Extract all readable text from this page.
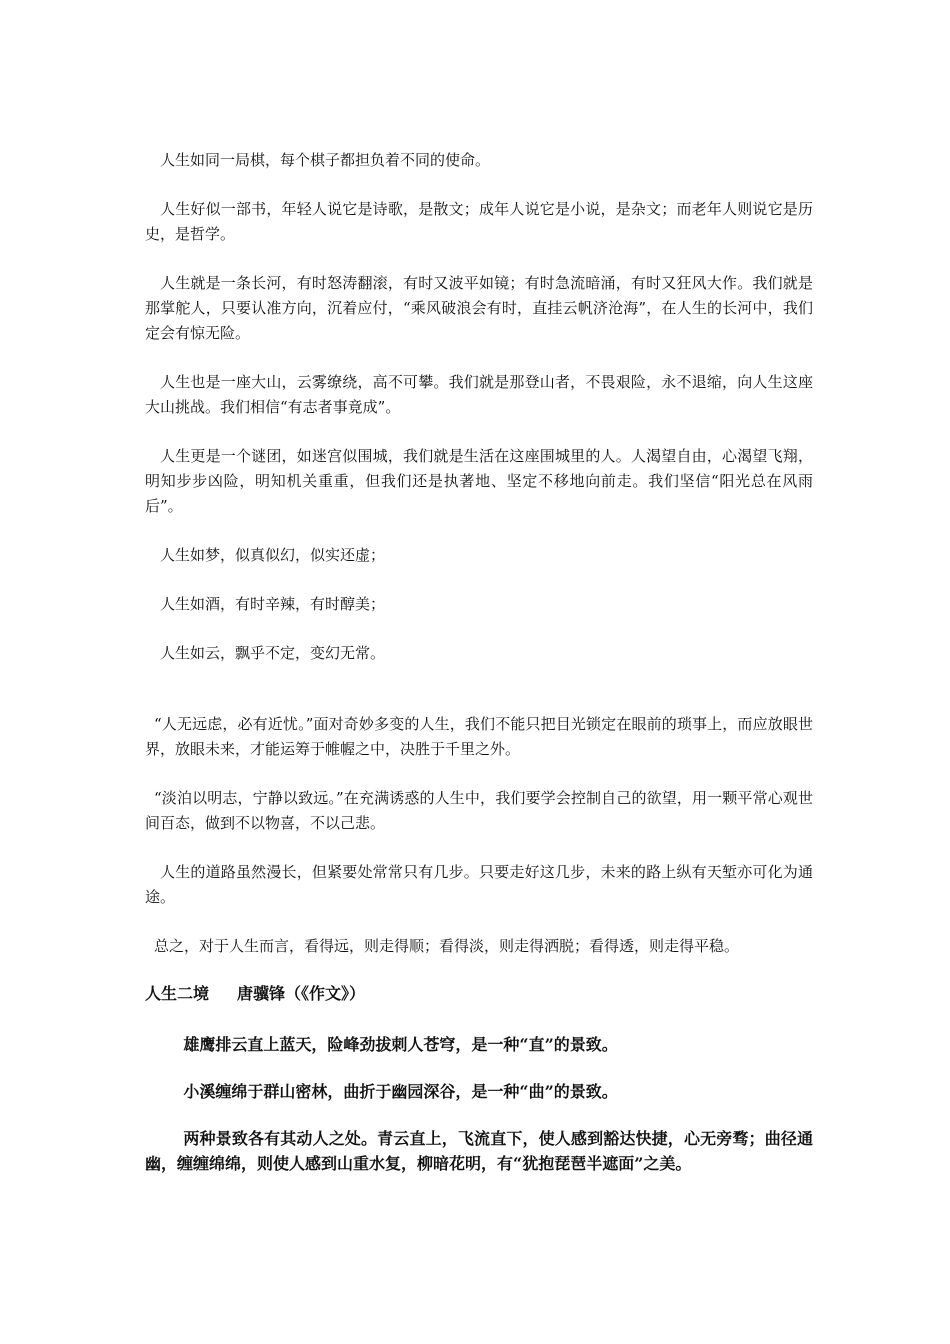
人生如同一局棋，每个棋子都担负着不同的使命。

人生好似一部书，年轻人说它是诗歌，是散文；成年人说它是小说，是杂文；而老年人则说它是历史，是哲学。

人生就是一条长河，有时怒涛翻滚，有时又波平如镜；有时急流暗涌，有时又狂风大作。我们就是那掌舵人，只要认准方向，沉着应付，“乘风破浪会有时，直挂云帆济沧海”，在人生的长河中，我们定会有惊无险。

人生也是一座大山，云雾缭绕，高不可攀。我们就是那登山者，不畏艰险，永不退缩，向人生这座大山挑战。我们相信“有志者事竟成”。

人生更是一个谜团，如迷宫似围城，我们就是生活在这座围城里的人。人渴望自由，心渴望飞翔，明知步步凶险，明知机关重重，但我们还是执著地、坚定不移地向前走。我们坚信“阳光总在风雨后”。

人生如梦，似真似幻，似实还虚；

人生如酒，有时辛辣，有时醇美；

人生如云，飘乎不定，变幻无常。

“人无远虑，必有近忧。”面对奇妙多变的人生，我们不能只把目光锁定在眼前的琐事上，而应放眼世界，放眼未来，才能运筹于帷幄之中，决胜于千里之外。

“淡泊以明志，宁静以致远。”在充满诱惑的人生中，我们要学会控制自己的欲望，用一颗平常心观世间百态，做到不以物喜，不以己悲。

人生的道路虽然漫长，但紧要处常常只有几步。只要走好这几步，未来的路上纵有天堑亦可化为通途。

总之，对于人生而言，看得远，则走得顺；看得淡，则走得洒脱；看得透，则走得平稳。

人生二境 唐骥锋（《作文》）

雄鹰排云直上蓝天，险峰劲拔刺人苍穹，是一种“直”的景致。

小溪缠绵于群山密林，曲折于幽园深谷，是一种“曲”的景致。

两种景致各有其动人之处。青云直上，飞流直下，使人感到豁达快捷，心无旁骛；曲径通幽，缠缠绵绵，则使人感到山重水复，柳暗花明，有“犹抱琵琶半遮面”之美。
